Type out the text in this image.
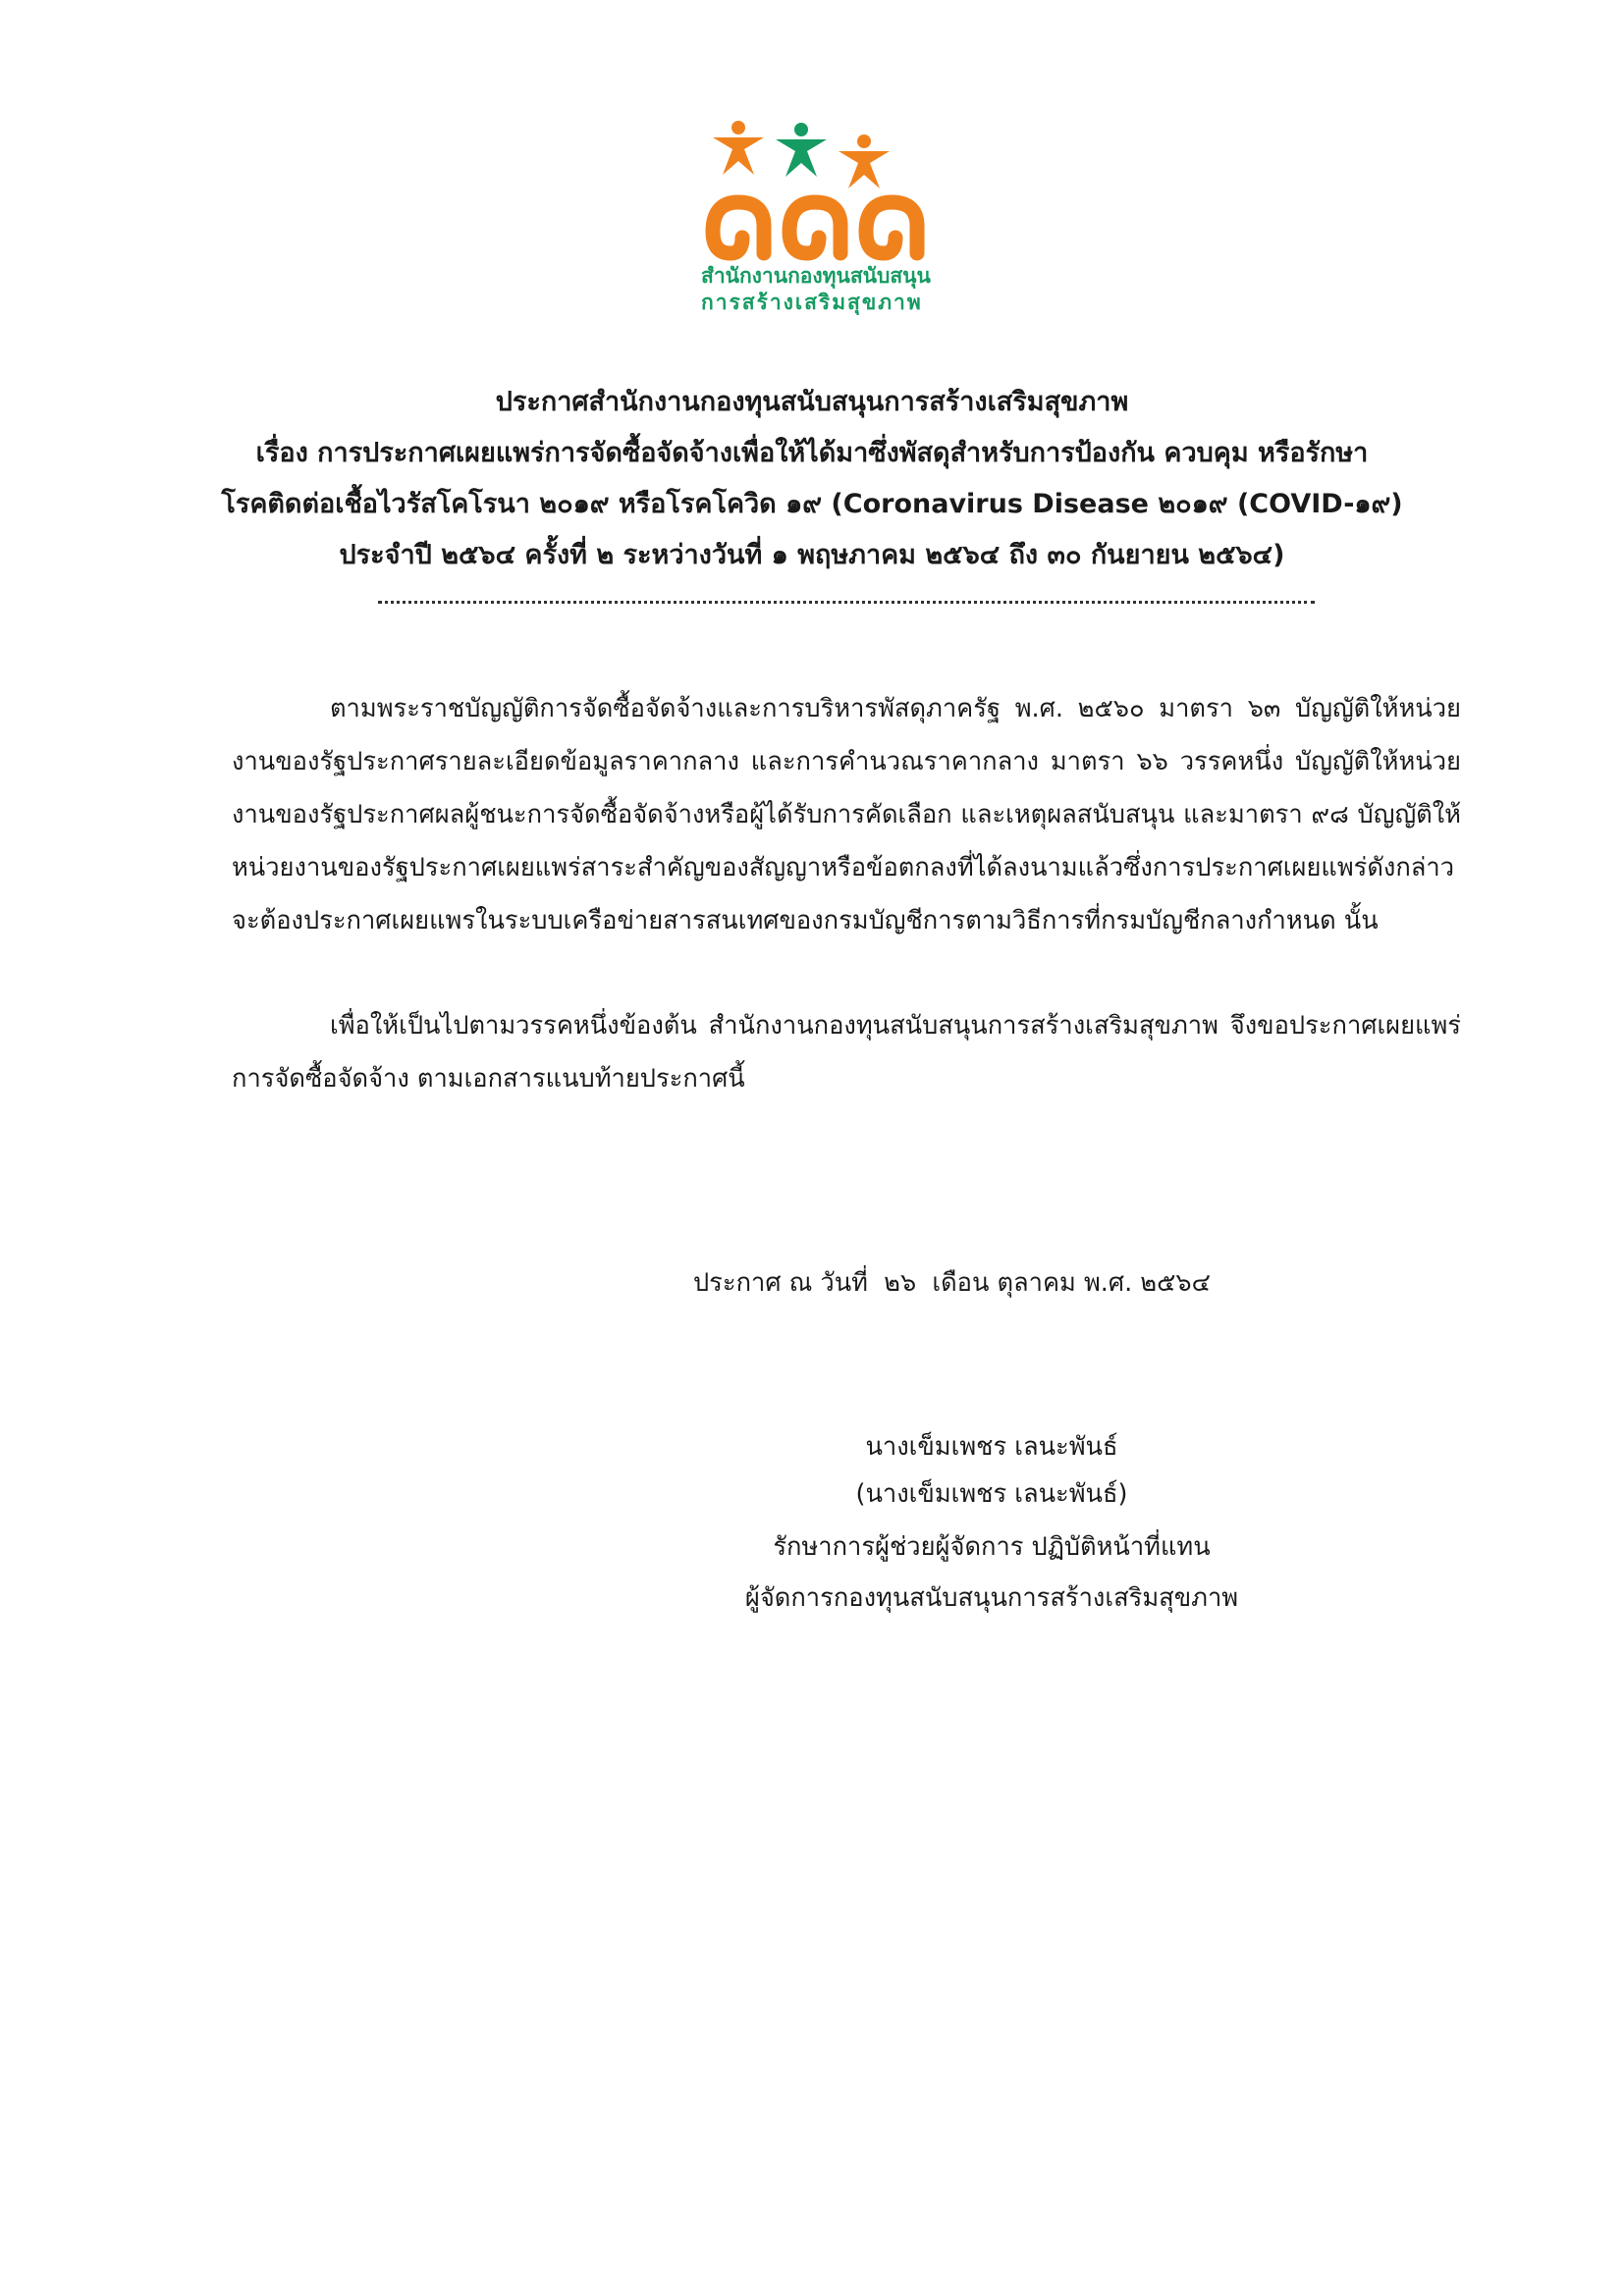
สำนักงานกองทุนสนับสนุน
การสร้างเสริมสุขภาพ
ประกาศสำนักงานกองทุนสนับสนุนการสร้างเสริมสุขภาพ
เรื่อง การประกาศเผยแพร่การจัดซื้อจัดจ้างเพื่อให้ได้มาซึ่งพัสดุสำหรับการป้องกัน ควบคุม หรือรักษา
โรคติดต่อเชื้อไวรัสโคโรนา ๒๐๑๙ หรือโรคโควิด ๑๙ (Coronavirus Disease ๒๐๑๙ (COVID-๑๙)
ประจำปี ๒๕๖๔ ครั้งที่ ๒ ระหว่างวันที่ ๑ พฤษภาคม ๒๕๖๔ ถึง ๓๐ กันยายน ๒๕๖๔)
ตามพระราชบัญญัติการจัดซื้อจัดจ้างและการบริหารพัสดุภาครัฐ พ.ศ. ๒๕๖๐ มาตรา ๖๓ บัญญัติให้หน่วยงานของรัฐประกาศรายละเอียดข้อมูลราคากลาง และการคำนวณราคากลาง มาตรา ๖๖ วรรคหนึ่ง บัญญัติให้หน่วยงานของรัฐประกาศผลผู้ชนะการจัดซื้อจัดจ้างหรือผู้ได้รับการคัดเลือก และเหตุผลสนับสนุน และมาตรา ๙๘ บัญญัติให้หน่วยงานของรัฐประกาศเผยแพร่สาระสำคัญของสัญญาหรือข้อตกลงที่ได้ลงนามแล้วซึ่งการประกาศเผยแพร่ดังกล่าวจะต้องประกาศเผยแพรในระบบเครือข่ายสารสนเทศของกรมบัญชีการตามวิธีการที่กรมบัญชีกลางกำหนด นั้น
เพื่อให้เป็นไปตามวรรคหนึ่งข้องต้น สำนักงานกองทุนสนับสนุนการสร้างเสริมสุขภาพ จึงขอประกาศเผยแพร่การจัดซื้อจัดจ้าง ตามเอกสารแนบท้ายประกาศนี้
ประกาศ ณ วันที่  ๒๖  เดือน ตุลาคม พ.ศ. ๒๕๖๔
นางเข็มเพชร เลนะพันธ์
(นางเข็มเพชร เลนะพันธ์)
รักษาการผู้ช่วยผู้จัดการ ปฏิบัติหน้าที่แทน
ผู้จัดการกองทุนสนับสนุนการสร้างเสริมสุขภาพ
